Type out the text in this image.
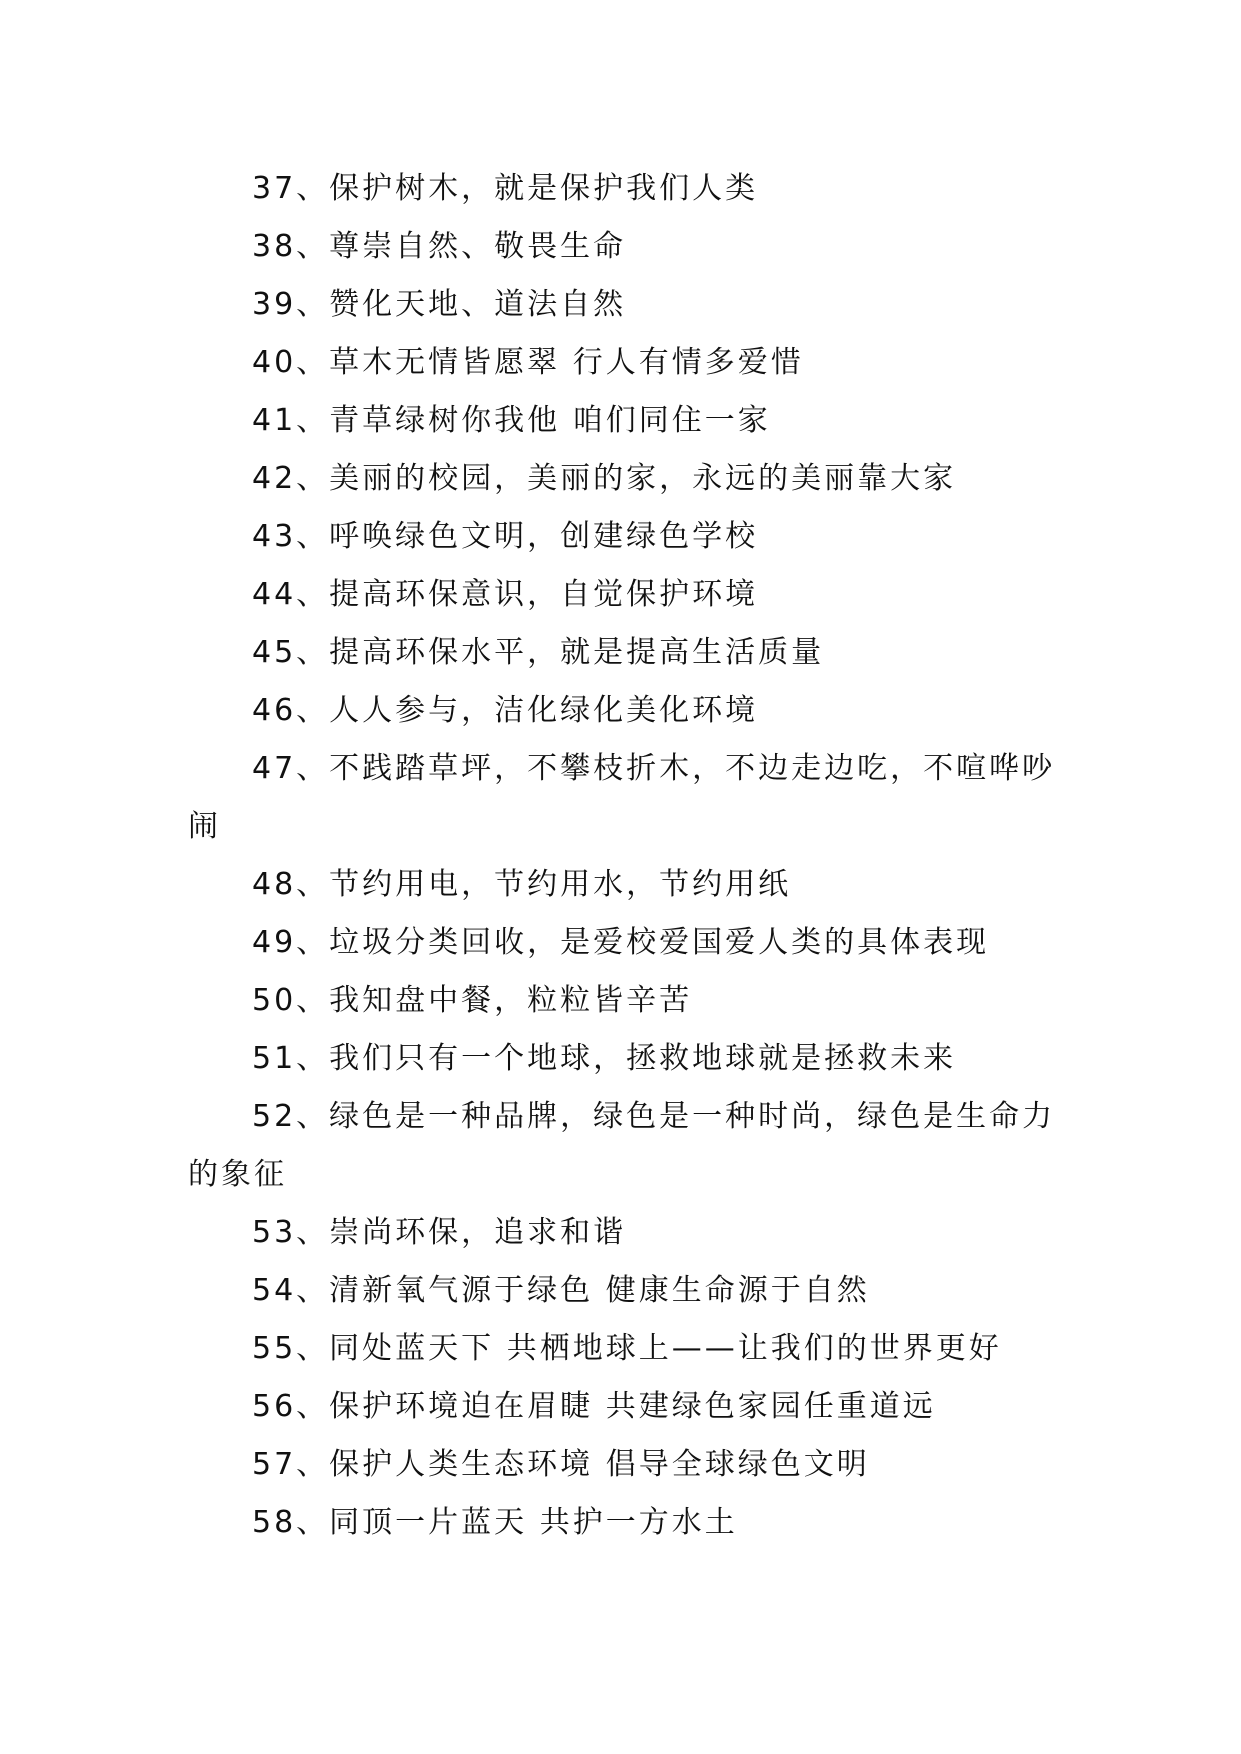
37、保护树木，就是保护我们人类
38、尊崇自然、敬畏生命
39、赞化天地、道法自然
40、草木无情皆愿翠 行人有情多爱惜
41、青草绿树你我他 咱们同住一家
42、美丽的校园，美丽的家，永远的美丽靠大家
43、呼唤绿色文明，创建绿色学校
44、提高环保意识，自觉保护环境
45、提高环保水平，就是提高生活质量
46、人人参与，洁化绿化美化环境
47、不践踏草坪，不攀枝折木，不边走边吃，不喧哗吵
闹
48、节约用电，节约用水，节约用纸
49、垃圾分类回收，是爱校爱国爱人类的具体表现
50、我知盘中餐，粒粒皆辛苦
51、我们只有一个地球，拯救地球就是拯救未来
52、绿色是一种品牌，绿色是一种时尚，绿色是生命力
的象征
53、崇尚环保，追求和谐
54、清新氧气源于绿色 健康生命源于自然
55、同处蓝天下 共栖地球上——让我们的世界更好
56、保护环境迫在眉睫 共建绿色家园任重道远
57、保护人类生态环境 倡导全球绿色文明
58、同顶一片蓝天 共护一方水土
